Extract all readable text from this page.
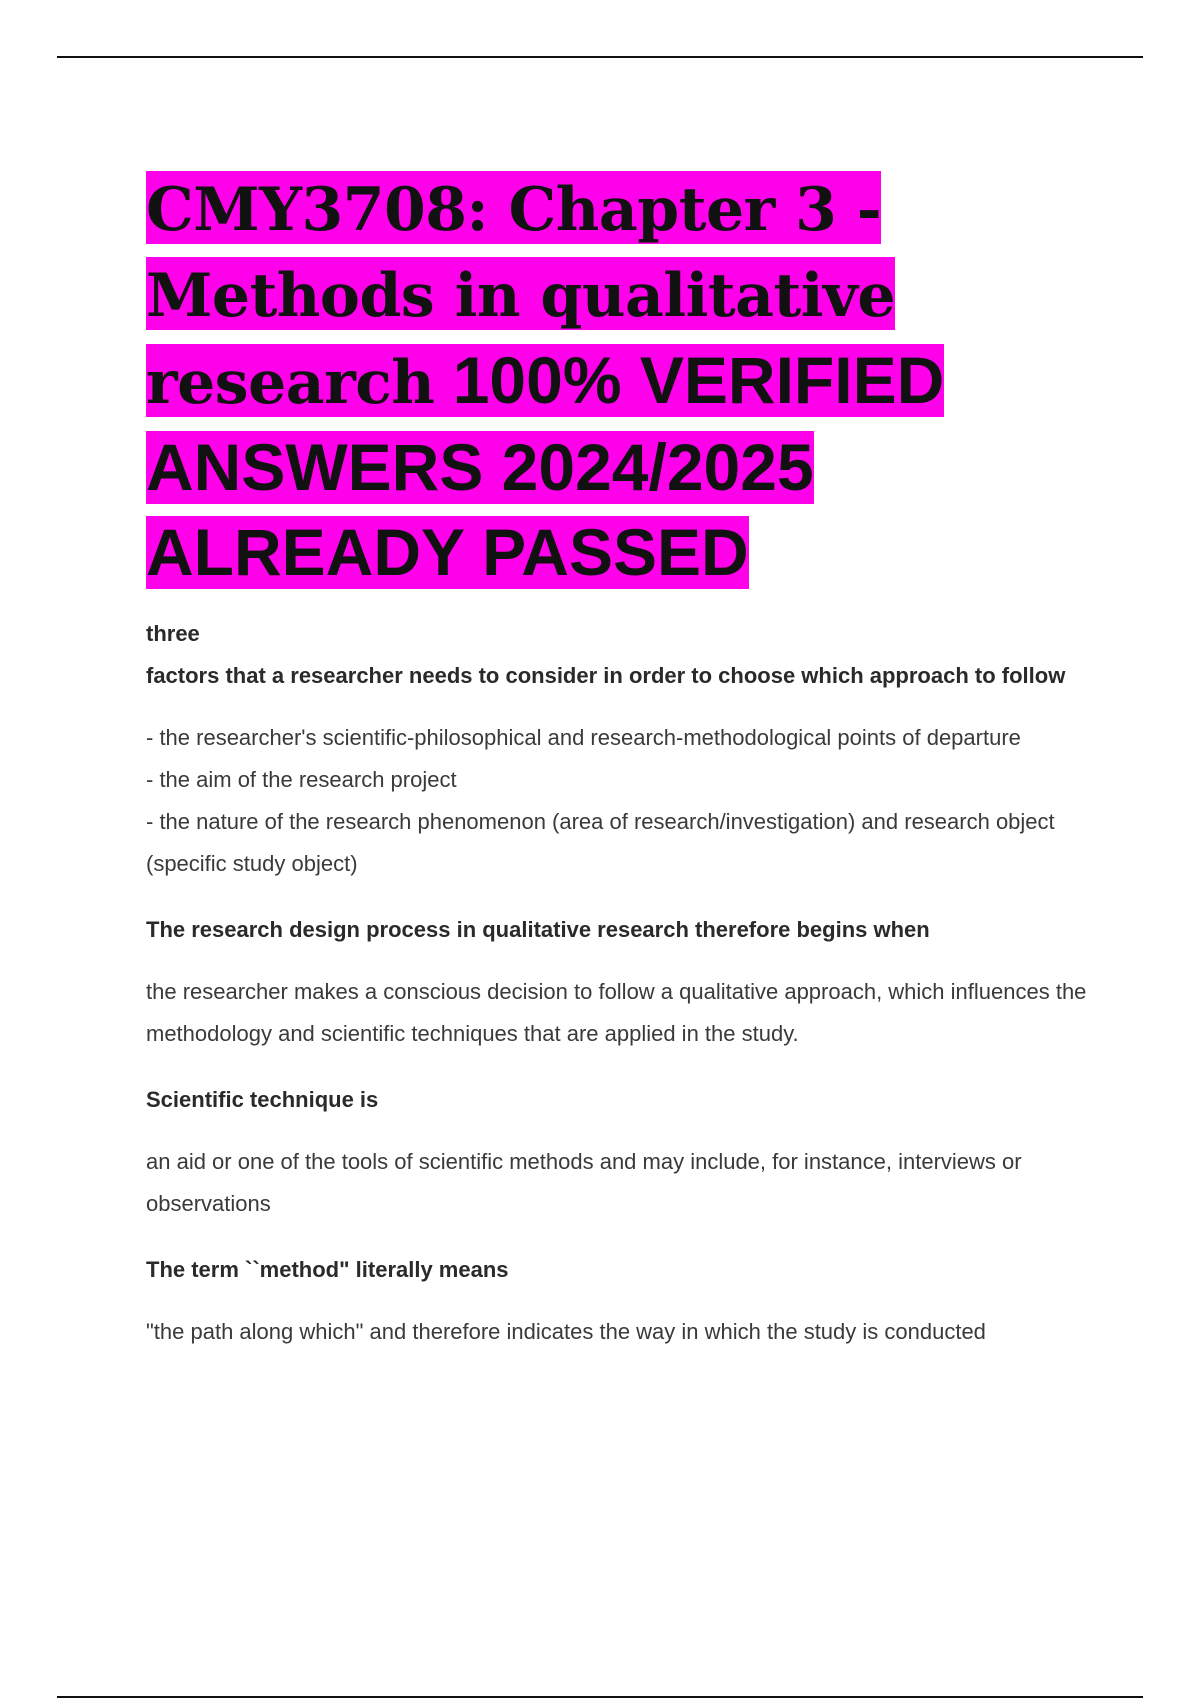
CMY3708: Chapter 3 - Methods in qualitative research 100% VERIFIED ANSWERS 2024/2025 ALREADY PASSED

three
factors that a researcher needs to consider in order to choose which approach to follow

- the researcher's scientific-philosophical and research-methodological points of departure
- the aim of the research project
- the nature of the research phenomenon (area of research/investigation) and research object (specific study object)

The research design process in qualitative research therefore begins when

the researcher makes a conscious decision to follow a qualitative approach, which influences the methodology and scientific techniques that are applied in the study.

Scientific technique is

an aid or one of the tools of scientific methods and may include, for instance, interviews or observations

The term ``method" literally means

"the path along which" and therefore indicates the way in which the study is conducted
